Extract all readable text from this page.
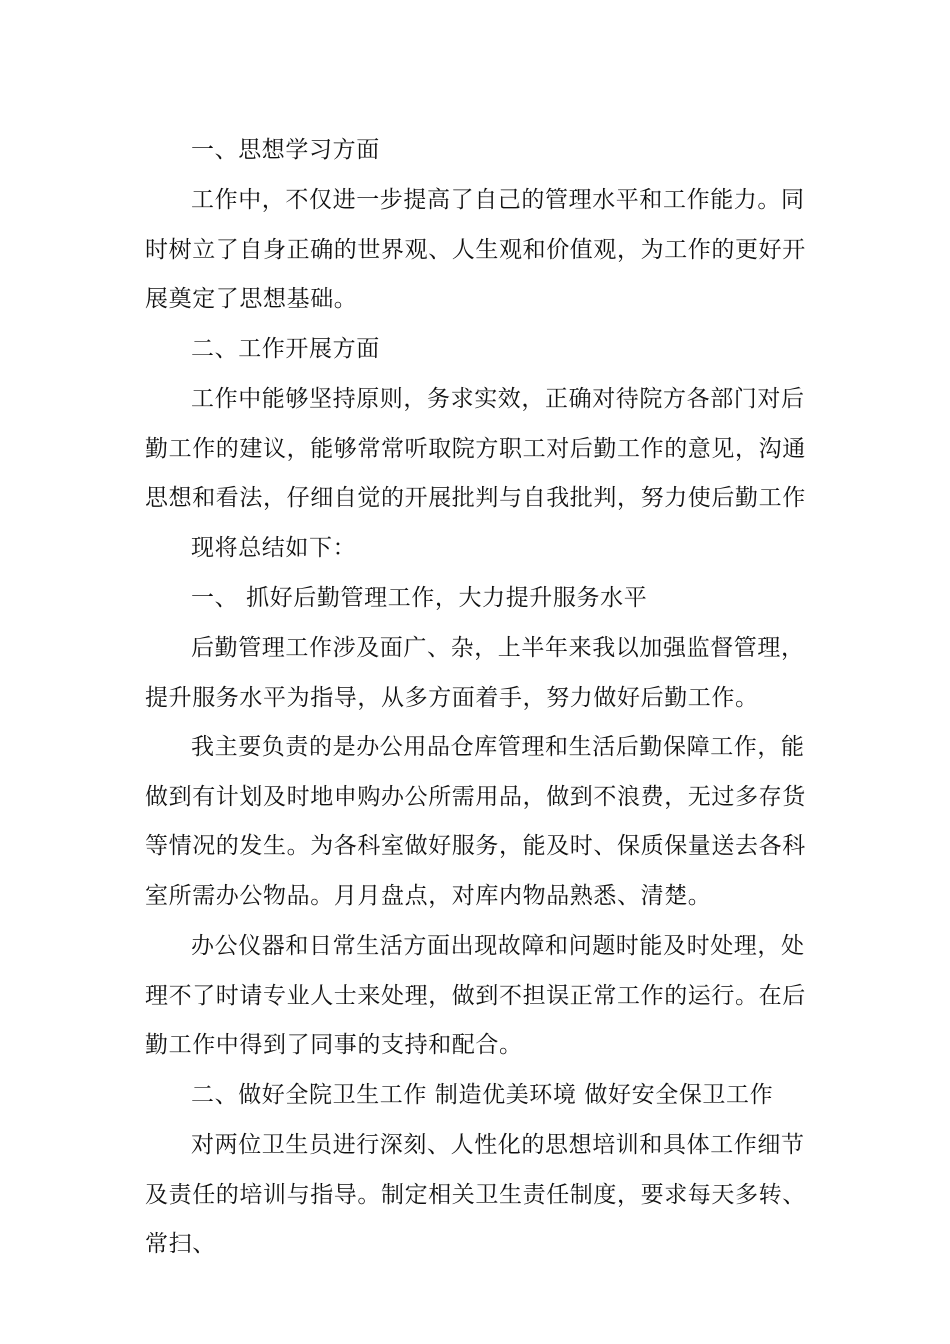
一、思想学习方面

工作中，不仅进一步提高了自己的管理水平和工作能力。同时树立了自身正确的世界观、人生观和价值观，为工作的更好开展奠定了思想基础。

二、工作开展方面

工作中能够坚持原则，务求实效，正确对待院方各部门对后勤工作的建议，能够常常听取院方职工对后勤工作的意见，沟通思想和看法，仔细自觉的开展批判与自我批判，努力使后勤工作

现将总结如下：

一、 抓好后勤管理工作，大力提升服务水平

后勤管理工作涉及面广、杂，上半年来我以加强监督管理，提升服务水平为指导，从多方面着手，努力做好后勤工作。

我主要负责的是办公用品仓库管理和生活后勤保障工作，能做到有计划及时地申购办公所需用品，做到不浪费，无过多存货等情况的发生。为各科室做好服务，能及时、保质保量送去各科室所需办公物品。月月盘点，对库内物品熟悉、清楚。

办公仪器和日常生活方面出现故障和问题时能及时处理，处理不了时请专业人士来处理，做到不担误正常工作的运行。在后勤工作中得到了同事的支持和配合。

二、做好全院卫生工作 制造优美环境 做好安全保卫工作

对两位卫生员进行深刻、人性化的思想培训和具体工作细节及责任的培训与指导。制定相关卫生责任制度，要求每天多转、常扫、
